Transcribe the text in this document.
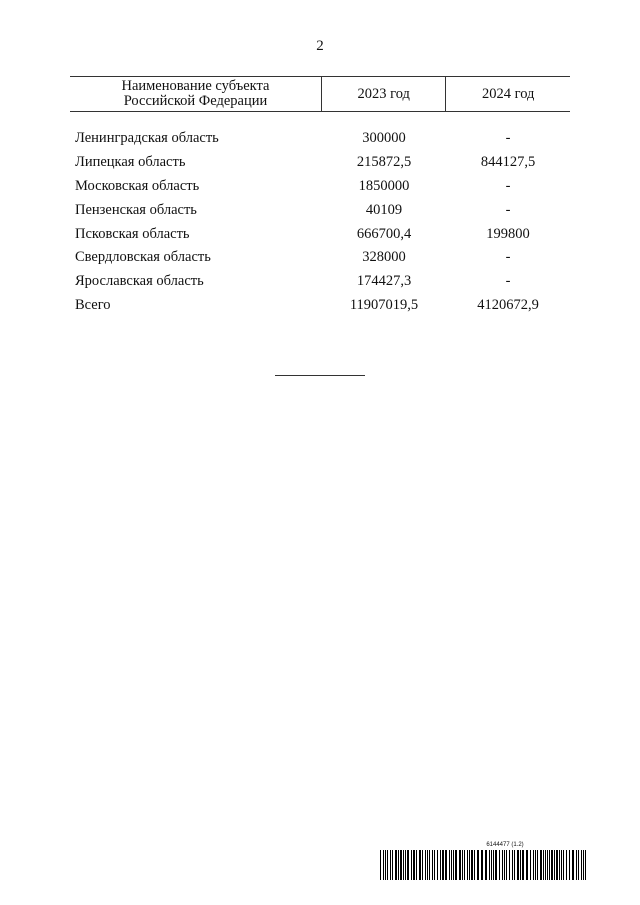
2
Наименование субъекта
Российской Федерации	2023 год	2024 год
Ленинградская область	300000	-
Липецкая область	215872,5	844127,5
Московская область	1850000	-
Пензенская область	40109	-
Псковская область	666700,4	199800
Свердловская область	328000	-
Ярославская область	174427,3	-
Всего	11907019,5	4120672,9
6144477 (1.2)
